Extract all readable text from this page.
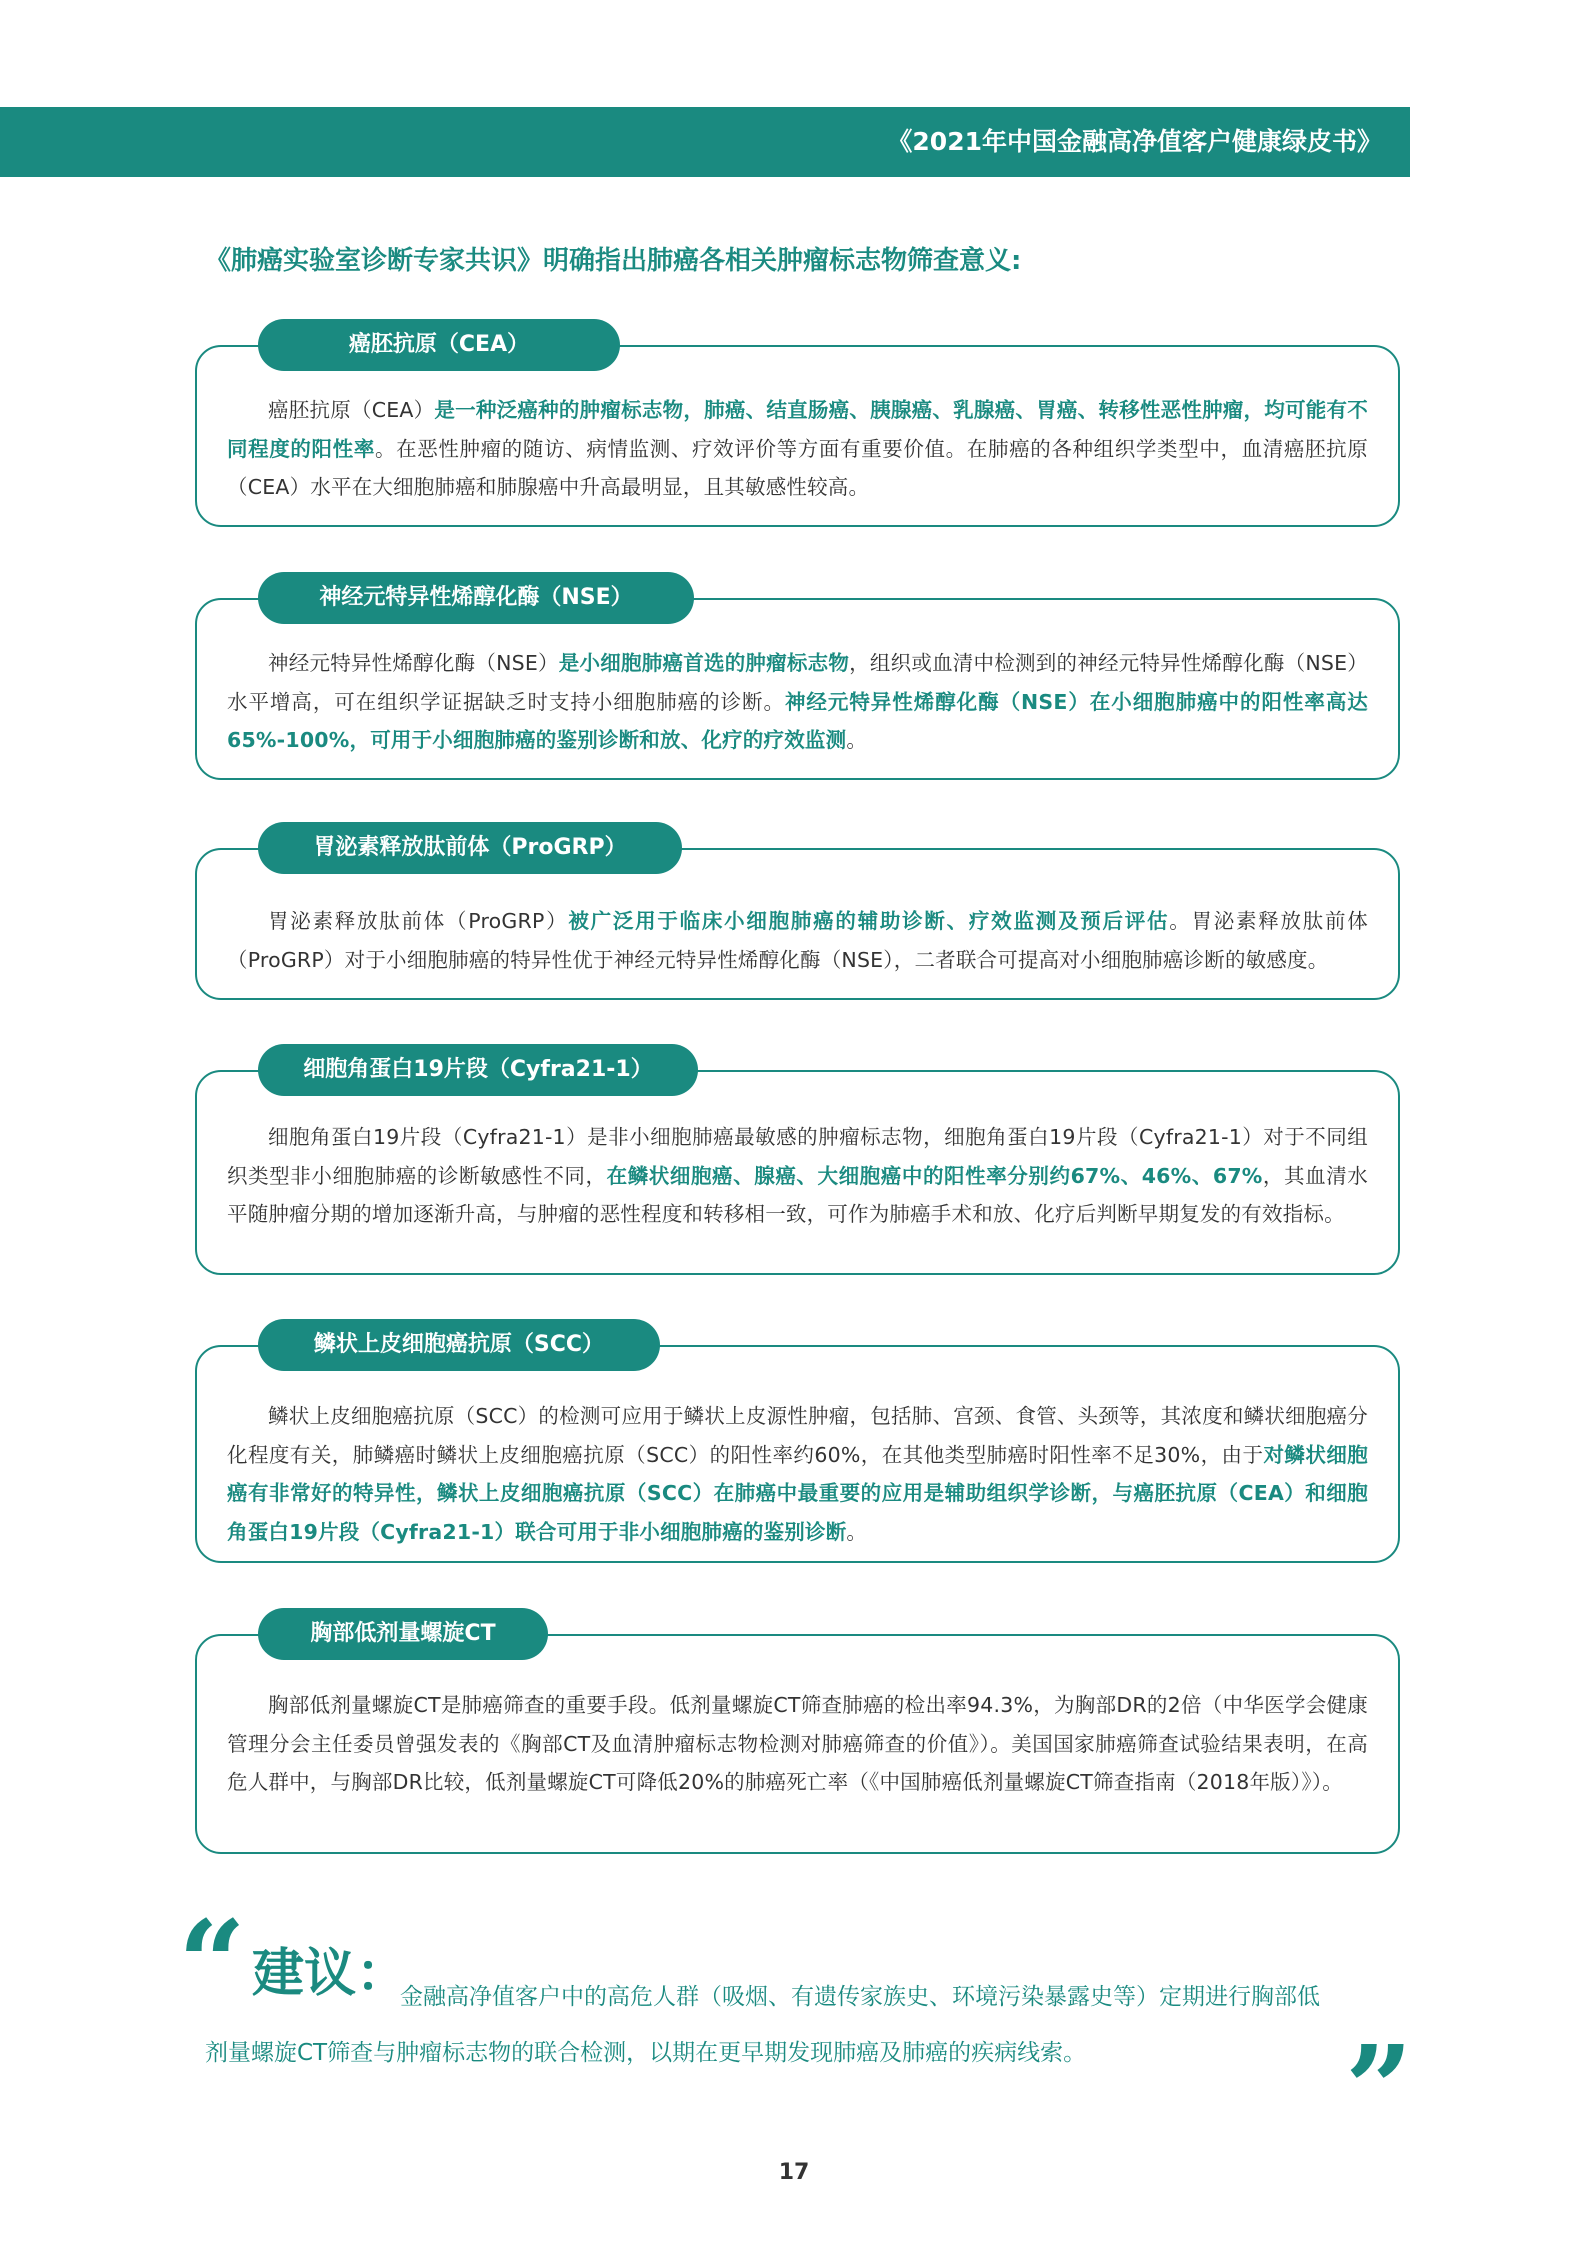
《2021年中国金融高净值客户健康绿皮书》
《肺癌实验室诊断专家共识》明确指出肺癌各相关肿瘤标志物筛查意义:
癌胚抗原（CEA）是一种泛癌种的肿瘤标志物，肺癌、结直肠癌、胰腺癌、乳腺癌、胃癌、转移性恶性肿瘤，均可能有不同程度的阳性率。在恶性肿瘤的随访、病情监测、疗效评价等方面有重要价值。在肺癌的各种组织学类型中，血清癌胚抗原（CEA）水平在大细胞肺癌和肺腺癌中升高最明显，且其敏感性较高。
癌胚抗原（CEA）
神经元特异性烯醇化酶（NSE）是小细胞肺癌首选的肿瘤标志物，组织或血清中检测到的神经元特异性烯醇化酶（NSE）水平增高，可在组织学证据缺乏时支持小细胞肺癌的诊断。神经元特异性烯醇化酶（NSE）在小细胞肺癌中的阳性率高达65%-100%，可用于小细胞肺癌的鉴别诊断和放、化疗的疗效监测。
神经元特异性烯醇化酶（NSE）
胃泌素释放肽前体（ProGRP）被广泛用于临床小细胞肺癌的辅助诊断、疗效监测及预后评估。胃泌素释放肽前体（ProGRP）对于小细胞肺癌的特异性优于神经元特异性烯醇化酶（NSE），二者联合可提高对小细胞肺癌诊断的敏感度。
胃泌素释放肽前体（ProGRP）
细胞角蛋白19片段（Cyfra21-1）是非小细胞肺癌最敏感的肿瘤标志物，细胞角蛋白19片段（Cyfra21-1）对于不同组织类型非小细胞肺癌的诊断敏感性不同，在鳞状细胞癌、腺癌、大细胞癌中的阳性率分别约67%、46%、67%，其血清水平随肿瘤分期的增加逐渐升高，与肿瘤的恶性程度和转移相一致，可作为肺癌手术和放、化疗后判断早期复发的有效指标。
细胞角蛋白19片段（Cyfra21-1）
鳞状上皮细胞癌抗原（SCC）的检测可应用于鳞状上皮源性肿瘤，包括肺、宫颈、食管、头颈等，其浓度和鳞状细胞癌分化程度有关，肺鳞癌时鳞状上皮细胞癌抗原（SCC）的阳性率约60%，在其他类型肺癌时阳性率不足30%，由于对鳞状细胞癌有非常好的特异性，鳞状上皮细胞癌抗原（SCC）在肺癌中最重要的应用是辅助组织学诊断，与癌胚抗原（CEA）和细胞角蛋白19片段（Cyfra21-1）联合可用于非小细胞肺癌的鉴别诊断。
鳞状上皮细胞癌抗原（SCC）
胸部低剂量螺旋CT是肺癌筛查的重要手段。低剂量螺旋CT筛查肺癌的检出率94.3%，为胸部DR的2倍（中华医学会健康管理分会主任委员曾强发表的《胸部CT及血清肿瘤标志物检测对肺癌筛查的价值》）。美国国家肺癌筛查试验结果表明，在高危人群中，与胸部DR比较，低剂量螺旋CT可降低20%的肺癌死亡率（《中国肺癌低剂量螺旋CT筛查指南（2018年版）》）。
胸部低剂量螺旋CT
“ 建议：
金融高净值客户中的高危人群（吸烟、有遗传家族史、环境污染暴露史等）定期进行胸部低
剂量螺旋CT筛查与肿瘤标志物的联合检测，以期在更早期发现肺癌及肺癌的疾病线索。 ”
17
